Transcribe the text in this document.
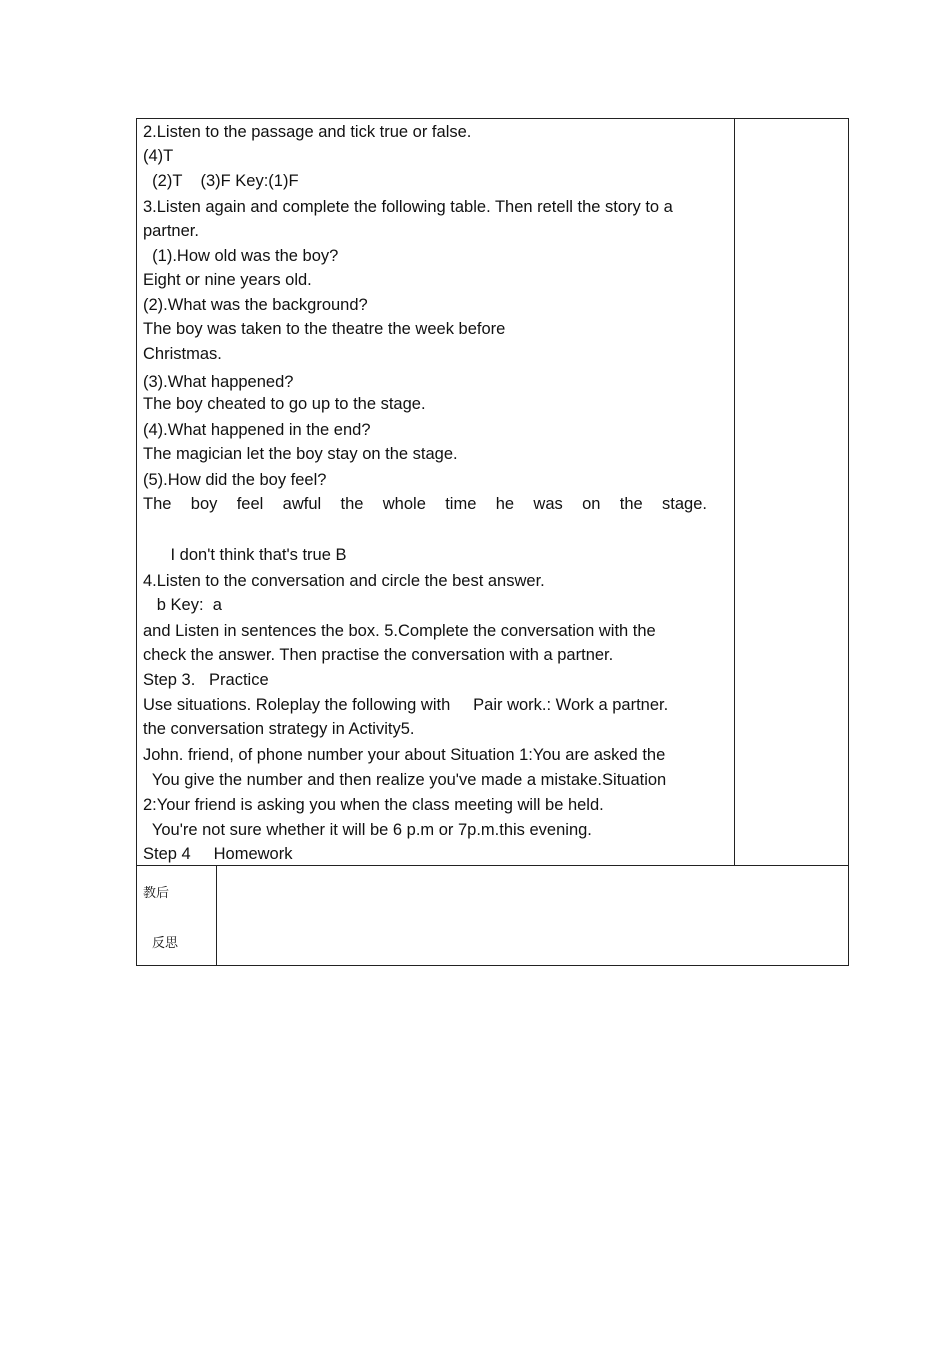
2.Listen to the passage and tick true or false.

(4)T

(2)T    (3)F Key:(1)F

3.Listen again and complete the following table. Then retell the story to a

partner.

(1).How old was the boy?

Eight or nine years old.

(2).What was the background?

The boy was taken to the theatre the week before

Christmas.

(3).What happened?

The boy cheated to go up to the stage.

(4).What happened in the end?

The magician let the boy stay on the stage.

(5).How did the boy feel?

The boy feel awful the whole time he was on the stage.

I don't think that's true B

4.Listen to the conversation and circle the best answer.

b Key:  a

and Listen in sentences the box. 5.Complete the conversation with the

check the answer. Then practise the conversation with a partner.

Step 3.   Practice

Use situations. Roleplay the following with     Pair work.: Work a partner.

the conversation strategy in Activity5.

John. friend, of phone number your about Situation 1:You are asked the

You give the number and then realize you've made a mistake.Situation

2:Your friend is asking you when the class meeting will be held.

You're not sure whether it will be 6 p.m or 7p.m.this evening.

Step 4     Homework

教后
反思
